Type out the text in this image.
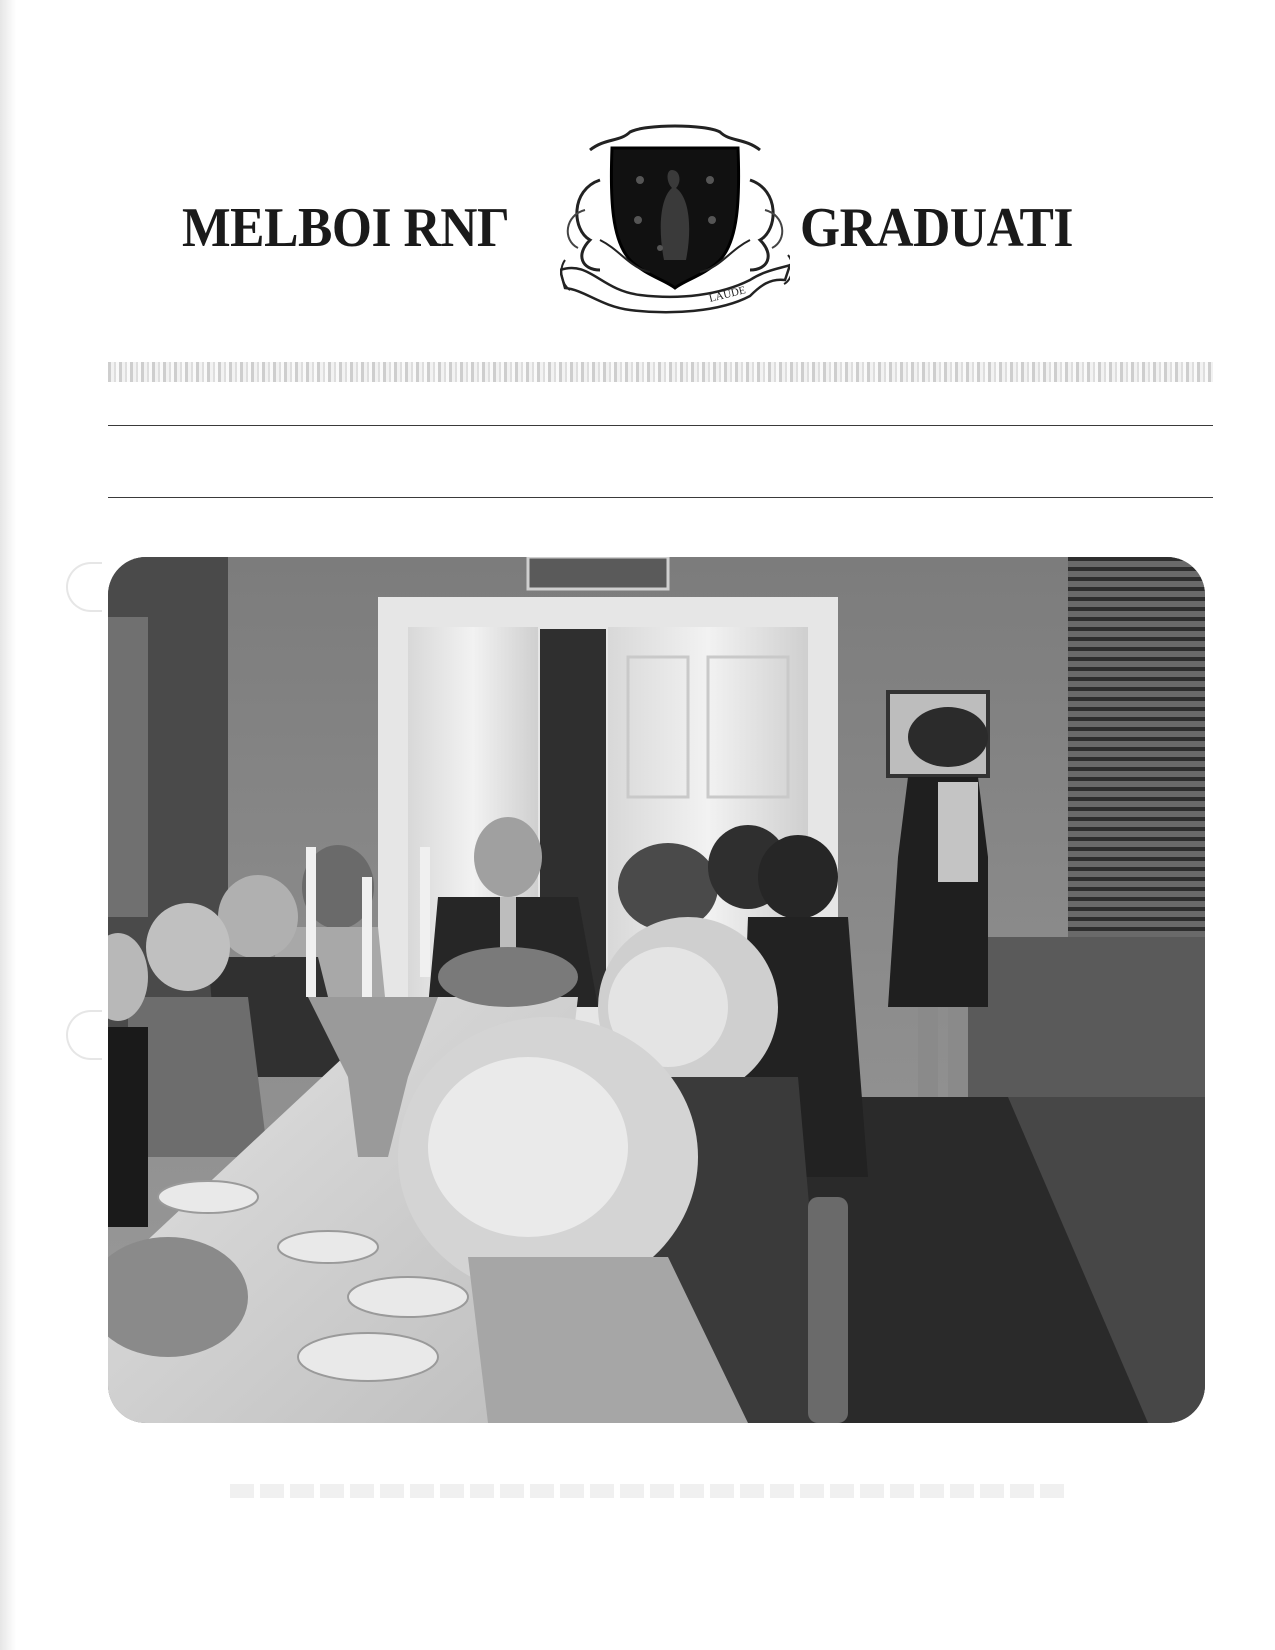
MELBOI RNΓ	GRADUATI
LAUDE
